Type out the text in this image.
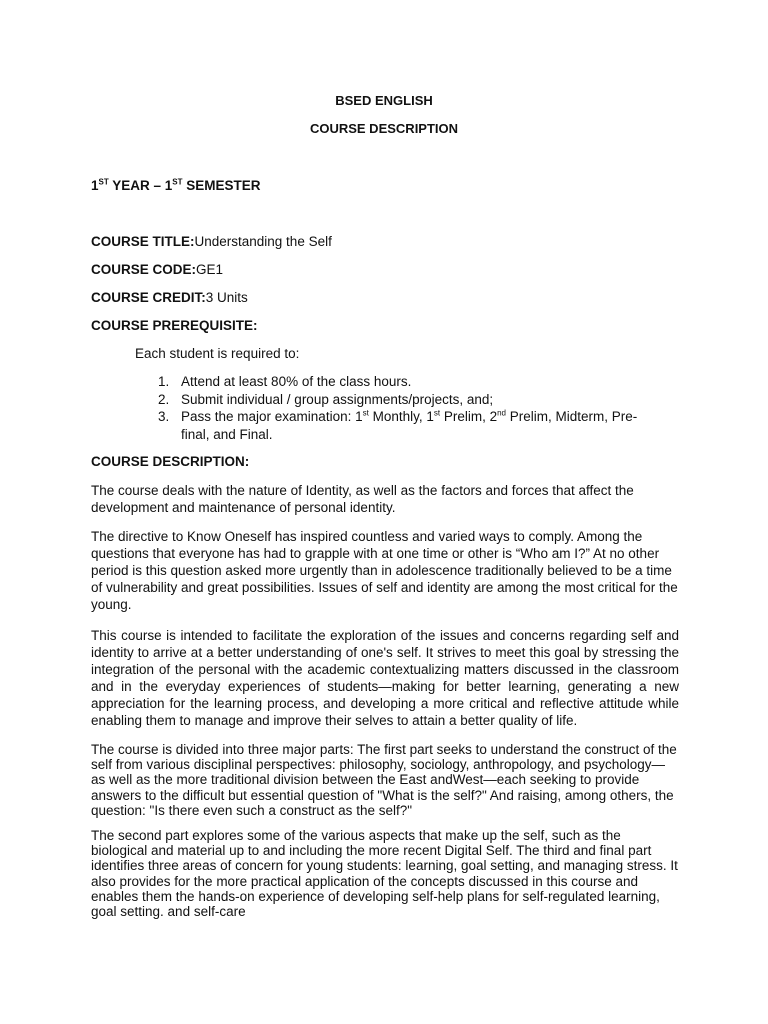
BSED ENGLISH
COURSE DESCRIPTION
1ST YEAR – 1ST SEMESTER
COURSE TITLE:Understanding the Self
COURSE CODE:GE1
COURSE CREDIT:3 Units
COURSE PREREQUISITE:
Each student is required to:
1. Attend at least 80% of the class hours.
2. Submit individual / group assignments/projects, and;
3. Pass the major examination: 1st Monthly, 1st Prelim, 2nd Prelim, Midterm, Pre-final, and Final.
COURSE DESCRIPTION:

The course deals with the nature of Identity, as well as the factors and forces that affect the development and maintenance of personal identity.

The directive to Know Oneself has inspired countless and varied ways to comply. Among the questions that everyone has had to grapple with at one time or other is “Who am I?” At no other period is this question asked more urgently than in adolescence traditionally believed to be a time of vulnerability and great possibilities. Issues of self and identity are among the most critical for the young.

This course is intended to facilitate the exploration of the issues and concerns regarding self and identity to arrive at a better understanding of one's self. It strives to meet this goal by stressing the integration of the personal with the academic contextualizing matters discussed in the classroom and in the everyday experiences of students—making for better learning, generating a new appreciation for the learning process, and developing a more critical and reflective attitude while enabling them to manage and improve their selves to attain a better quality of life.

The course is divided into three major parts: The first part seeks to understand the construct of the self from various disciplinal perspectives: philosophy, sociology, anthropology, and psychology—as well as the more traditional division between the East andWest—each seeking to provide answers to the difficult but essential question of "What is the self?" And raising, among others, the question: "Is there even such a construct as the self?"

The second part explores some of the various aspects that make up the self, such as the biological and material up to and including the more recent Digital Self. The third and final part identifies three areas of concern for young students: learning, goal setting, and managing stress. It also provides for the more practical application of the concepts discussed in this course and enables them the hands-on experience of developing self-help plans for self-regulated learning, goal setting. and self-care
